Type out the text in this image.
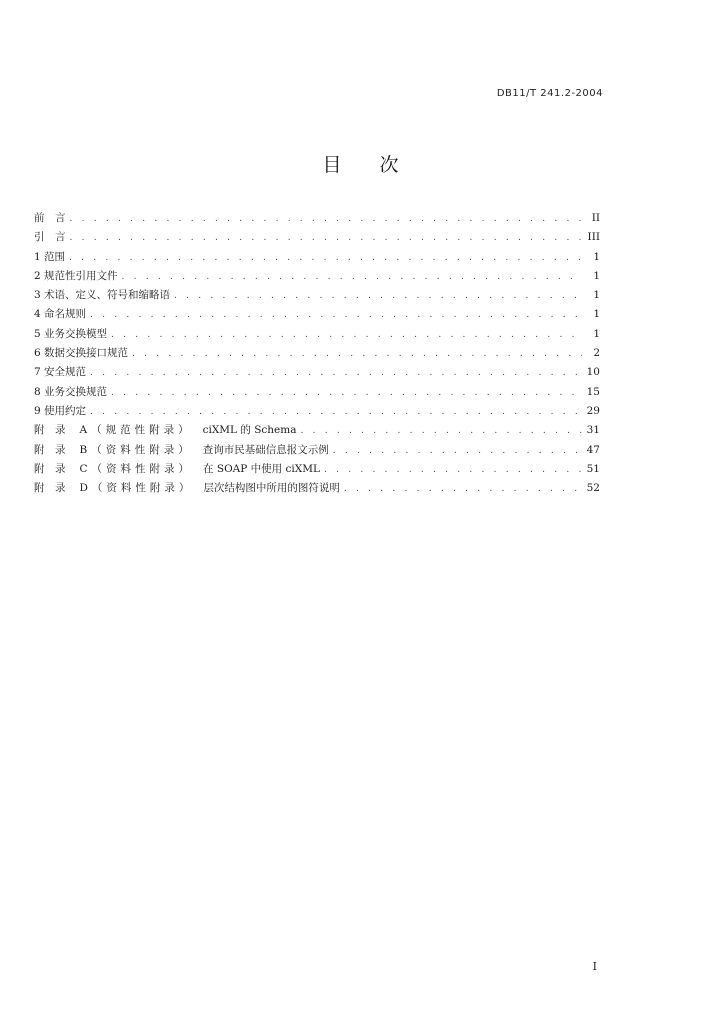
DB11/T 241.2-2004
目次
前　言 . . .	II
引　言 . . .	III
1 范围 . . .	1
2 规范性引用文件 . . .	1
3 术语、定义、符号和缩略语 . . .	1
4 命名规则 . . .	1
5 业务交换模型 . . .	1
6 数据交换接口规范 . . .	2
7 安全规范 . . .	10
8 业务交换规范 . . .	15
9 使用约定 . . .	29
附　录 A（规范性附录） ciXML 的 Schema . . .	31
附　录 B（资料性附录） 查询市民基础信息报文示例 . . .	47
附　录 C（资料性附录） 在 SOAP 中使用 ciXML . . .	51
附　录 D（资料性附录） 层次结构图中所用的图符说明 . . .	52
I
